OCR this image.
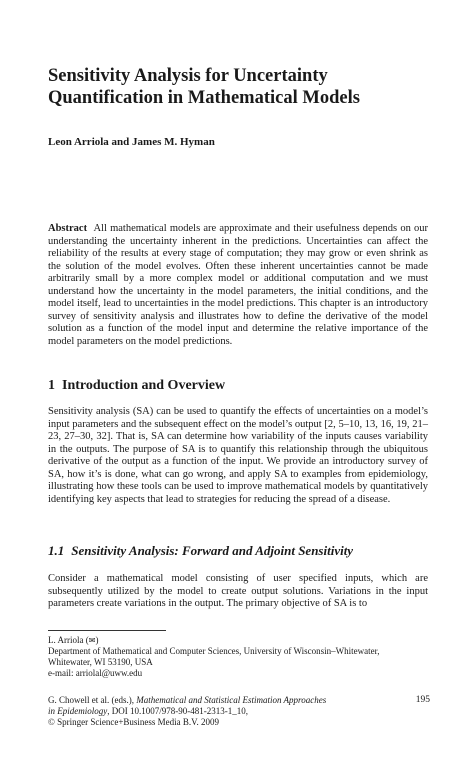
Sensitivity Analysis for Uncertainty
Quantification in Mathematical Models

Leon Arriola and James M. Hyman

Abstract All mathematical models are approximate and their usefulness depends on our understanding the uncertainty inherent in the predictions. Uncertainties can affect the reliability of the results at every stage of computation; they may grow or even shrink as the solution of the model evolves. Often these inherent uncertainties cannot be made arbitrarily small by a more complex model or additional computation and we must understand how the uncertainty in the model parameters, the initial conditions, and the model itself, lead to uncertainties in the model predictions. This chapter is an introductory survey of sensitivity analysis and illustrates how to define the derivative of the model solution as a function of the model input and determine the relative importance of the model parameters on the model predictions.

1 Introduction and Overview

Sensitivity analysis (SA) can be used to quantify the effects of uncertainties on a model’s input parameters and the subsequent effect on the model’s output [2, 5–10, 13, 16, 19, 21–23, 27–30, 32]. That is, SA can determine how variability of the inputs causes variability in the outputs. The purpose of SA is to quantify this relationship through the ubiquitous derivative of the output as a function of the input. We provide an introductory survey of SA, how it’s is done, what can go wrong, and apply SA to examples from epidemiology, illustrating how these tools can be used to improve mathematical models by quantitatively identifying key aspects that lead to strategies for reducing the spread of a disease.

1.1 Sensitivity Analysis: Forward and Adjoint Sensitivity

Consider a mathematical model consisting of user specified inputs, which are subsequently utilized by the model to create output solutions. Variations in the input parameters create variations in the output. The primary objective of SA is to

L. Arriola (✉)
Department of Mathematical and Computer Sciences, University of Wisconsin–Whitewater,
Whitewater, WI 53190, USA
e-mail: arriolal@uww.edu
G. Chowell et al. (eds.), Mathematical and Statistical Estimation Approaches
in Epidemiology, DOI 10.1007/978-90-481-2313-1_10,
© Springer Science+Business Media B.V. 2009
195
